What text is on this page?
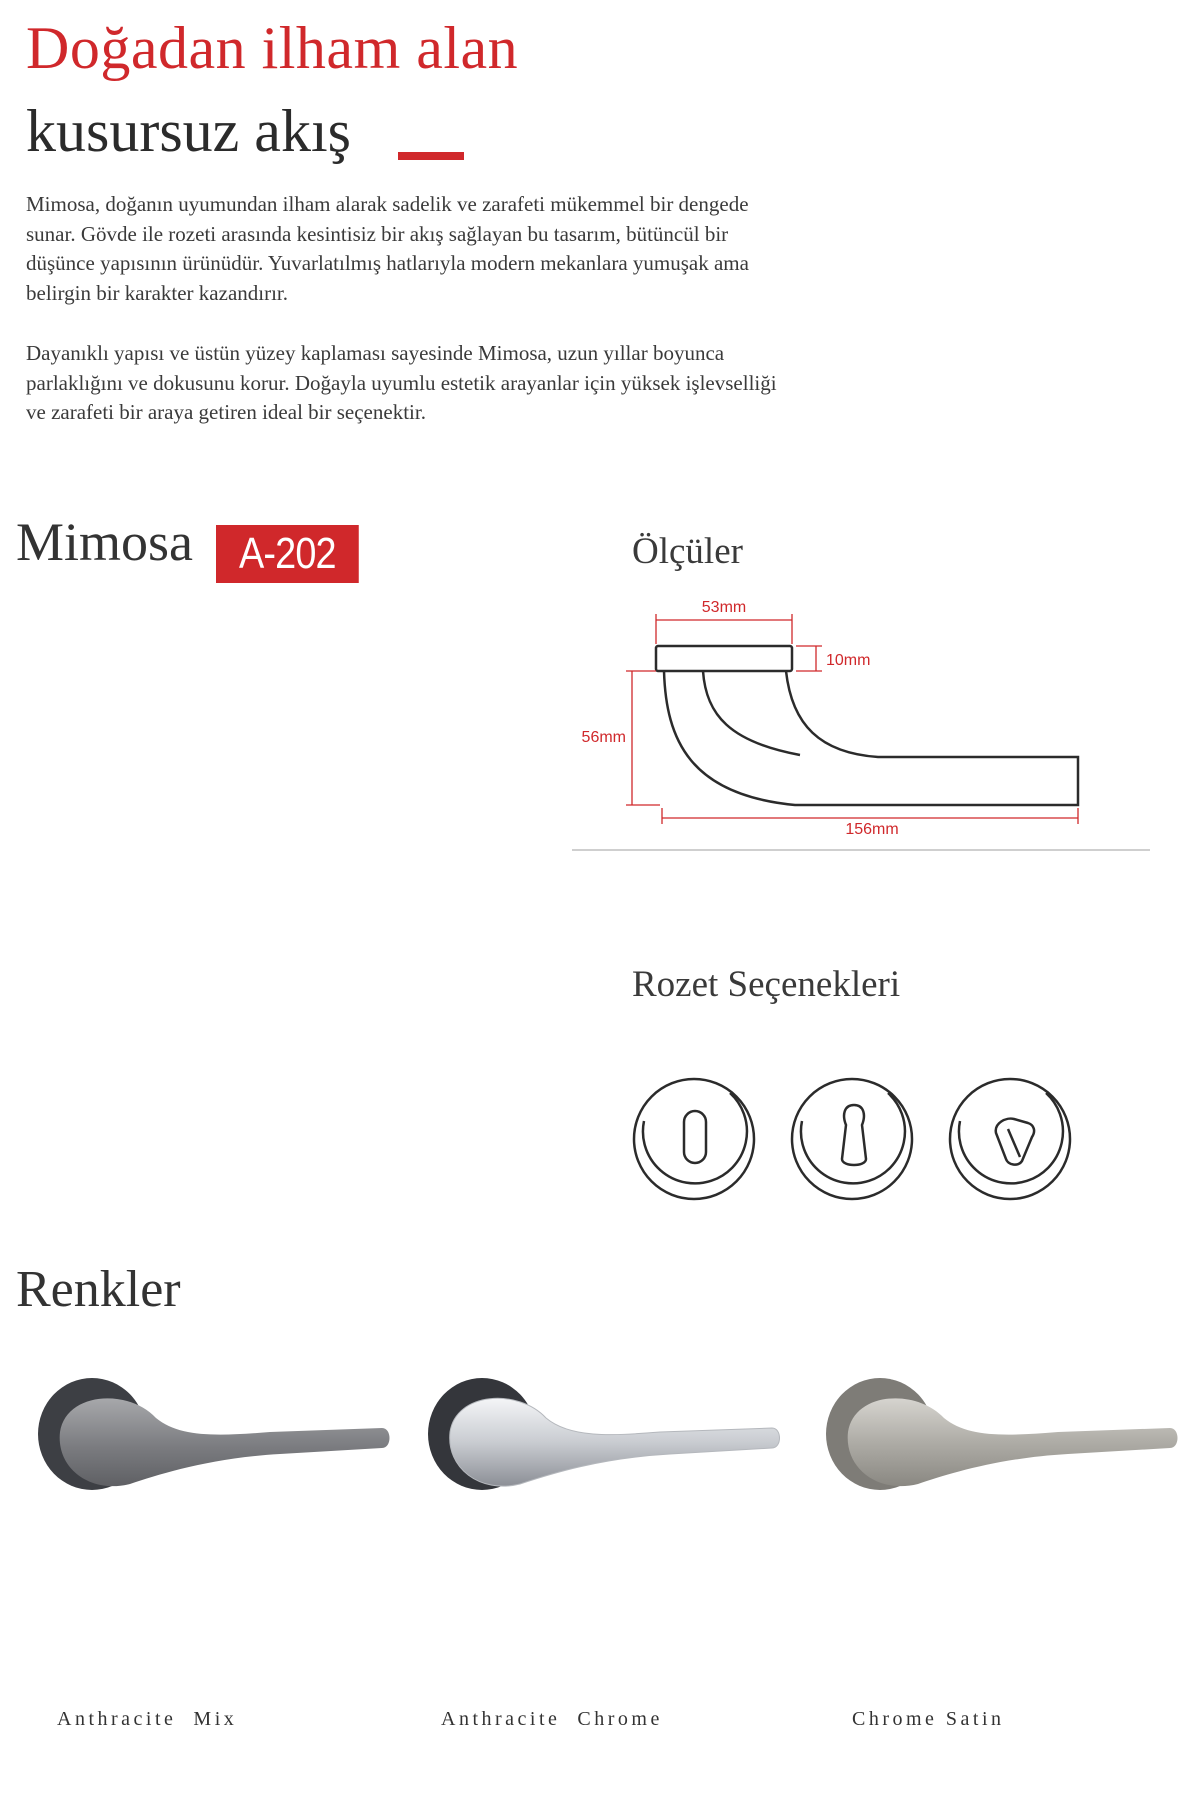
Doğadan ilham alan
kusursuz akış

Mimosa, doğanın uyumundan ilham alarak sadelik ve zarafeti mükemmel bir dengede sunar. Gövde ile rozeti arasında kesintisiz bir akış sağlayan bu tasarım, bütüncül bir düşünce yapısının ürünüdür. Yuvarlatılmış hatlarıyla modern mekanlara yumuşak ama belirgin bir karakter kazandırır.

Dayanıklı yapısı ve üstün yüzey kaplaması sayesinde Mimosa, uzun yıllar boyunca parlaklığını ve dokusunu korur. Doğayla uyumlu estetik arayanlar için yüksek işlevselliği ve zarafeti bir araya getiren ideal bir seçenektir.

Mimosa	A-202	Ölçüler
53mm
10mm
56mm
156mm
Rozet Seçenekleri
Renkler

Anthracite  Mix	Anthracite  Chrome	Chrome Satin
